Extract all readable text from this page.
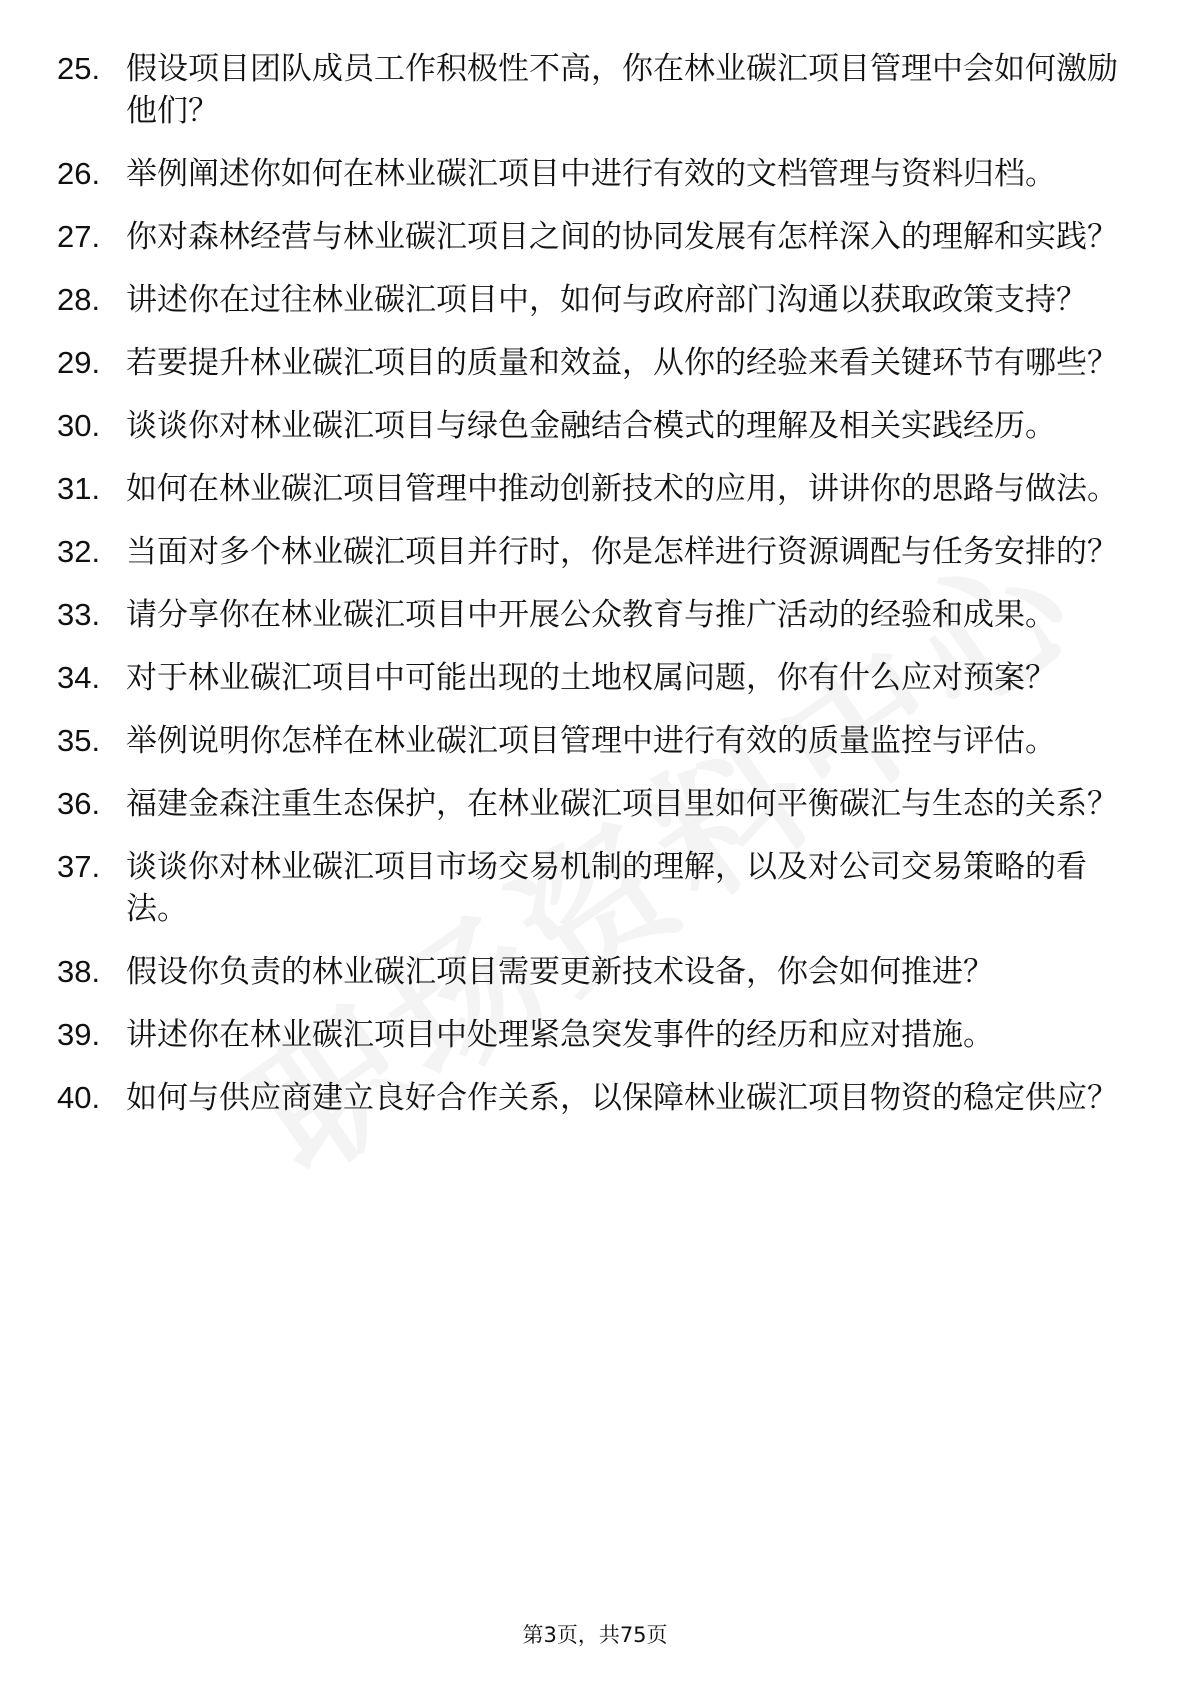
25. 假设项目团队成员工作积极性不高，你在林业碳汇项目管理中会如何激励他们？
26. 举例阐述你如何在林业碳汇项目中进行有效的文档管理与资料归档。
27. 你对森林经营与林业碳汇项目之间的协同发展有怎样深入的理解和实践？
28. 讲述你在过往林业碳汇项目中，如何与政府部门沟通以获取政策支持？
29. 若要提升林业碳汇项目的质量和效益，从你的经验来看关键环节有哪些？
30. 谈谈你对林业碳汇项目与绿色金融结合模式的理解及相关实践经历。
31. 如何在林业碳汇项目管理中推动创新技术的应用，讲讲你的思路与做法。
32. 当面对多个林业碳汇项目并行时，你是怎样进行资源调配与任务安排的？
33. 请分享你在林业碳汇项目中开展公众教育与推广活动的经验和成果。
34. 对于林业碳汇项目中可能出现的土地权属问题，你有什么应对预案？
35. 举例说明你怎样在林业碳汇项目管理中进行有效的质量监控与评估。
36. 福建金森注重生态保护，在林业碳汇项目里如何平衡碳汇与生态的关系？
37. 谈谈你对林业碳汇项目市场交易机制的理解，以及对公司交易策略的看法。
38. 假设你负责的林业碳汇项目需要更新技术设备，你会如何推进？
39. 讲述你在林业碳汇项目中处理紧急突发事件的经历和应对措施。
40. 如何与供应商建立良好合作关系，以保障林业碳汇项目物资的稳定供应？
第3页，共75页
